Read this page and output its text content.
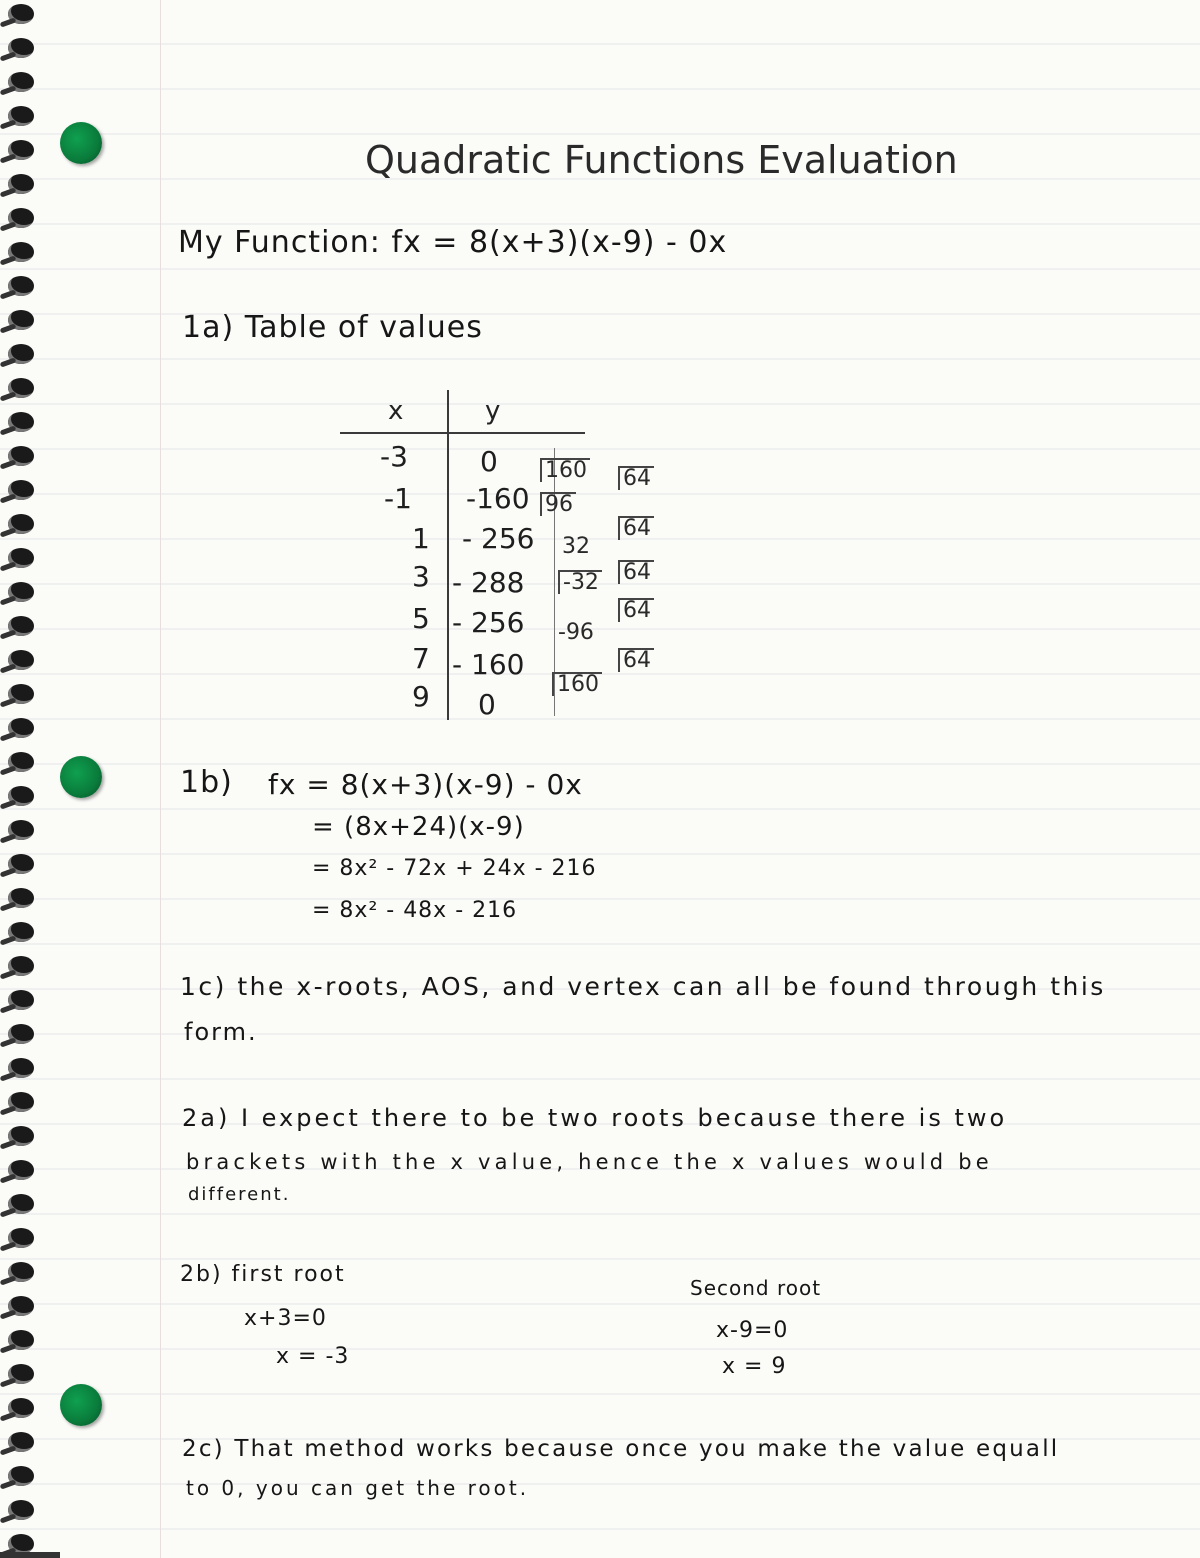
Quadratic Functions Evaluation
My Function: fx = 8(x+3)(x-9) - 0x
1a) Table of values
x	y
-3	0
-1 -160
1 - 256
3 - 288
5 - 256
7 - 160
9 0
160
96
32
-32
-96
160
64
64
64
64
64
1b) fx = 8(x+3)(x-9) - 0x
= (8x+24)(x-9)
= 8x² - 72x + 24x - 216
= 8x² - 48x - 216
1c) the x-roots, AOS, and vertex can all be found through this
form.
2a) I expect there to be two roots because there is two
brackets with the x value, hence the x values would be
different.
2b) first root
x+3=0
x = -3
Second root
x-9=0
x = 9
2c) That method works because once you make the value equall
to 0, you can get the root.
